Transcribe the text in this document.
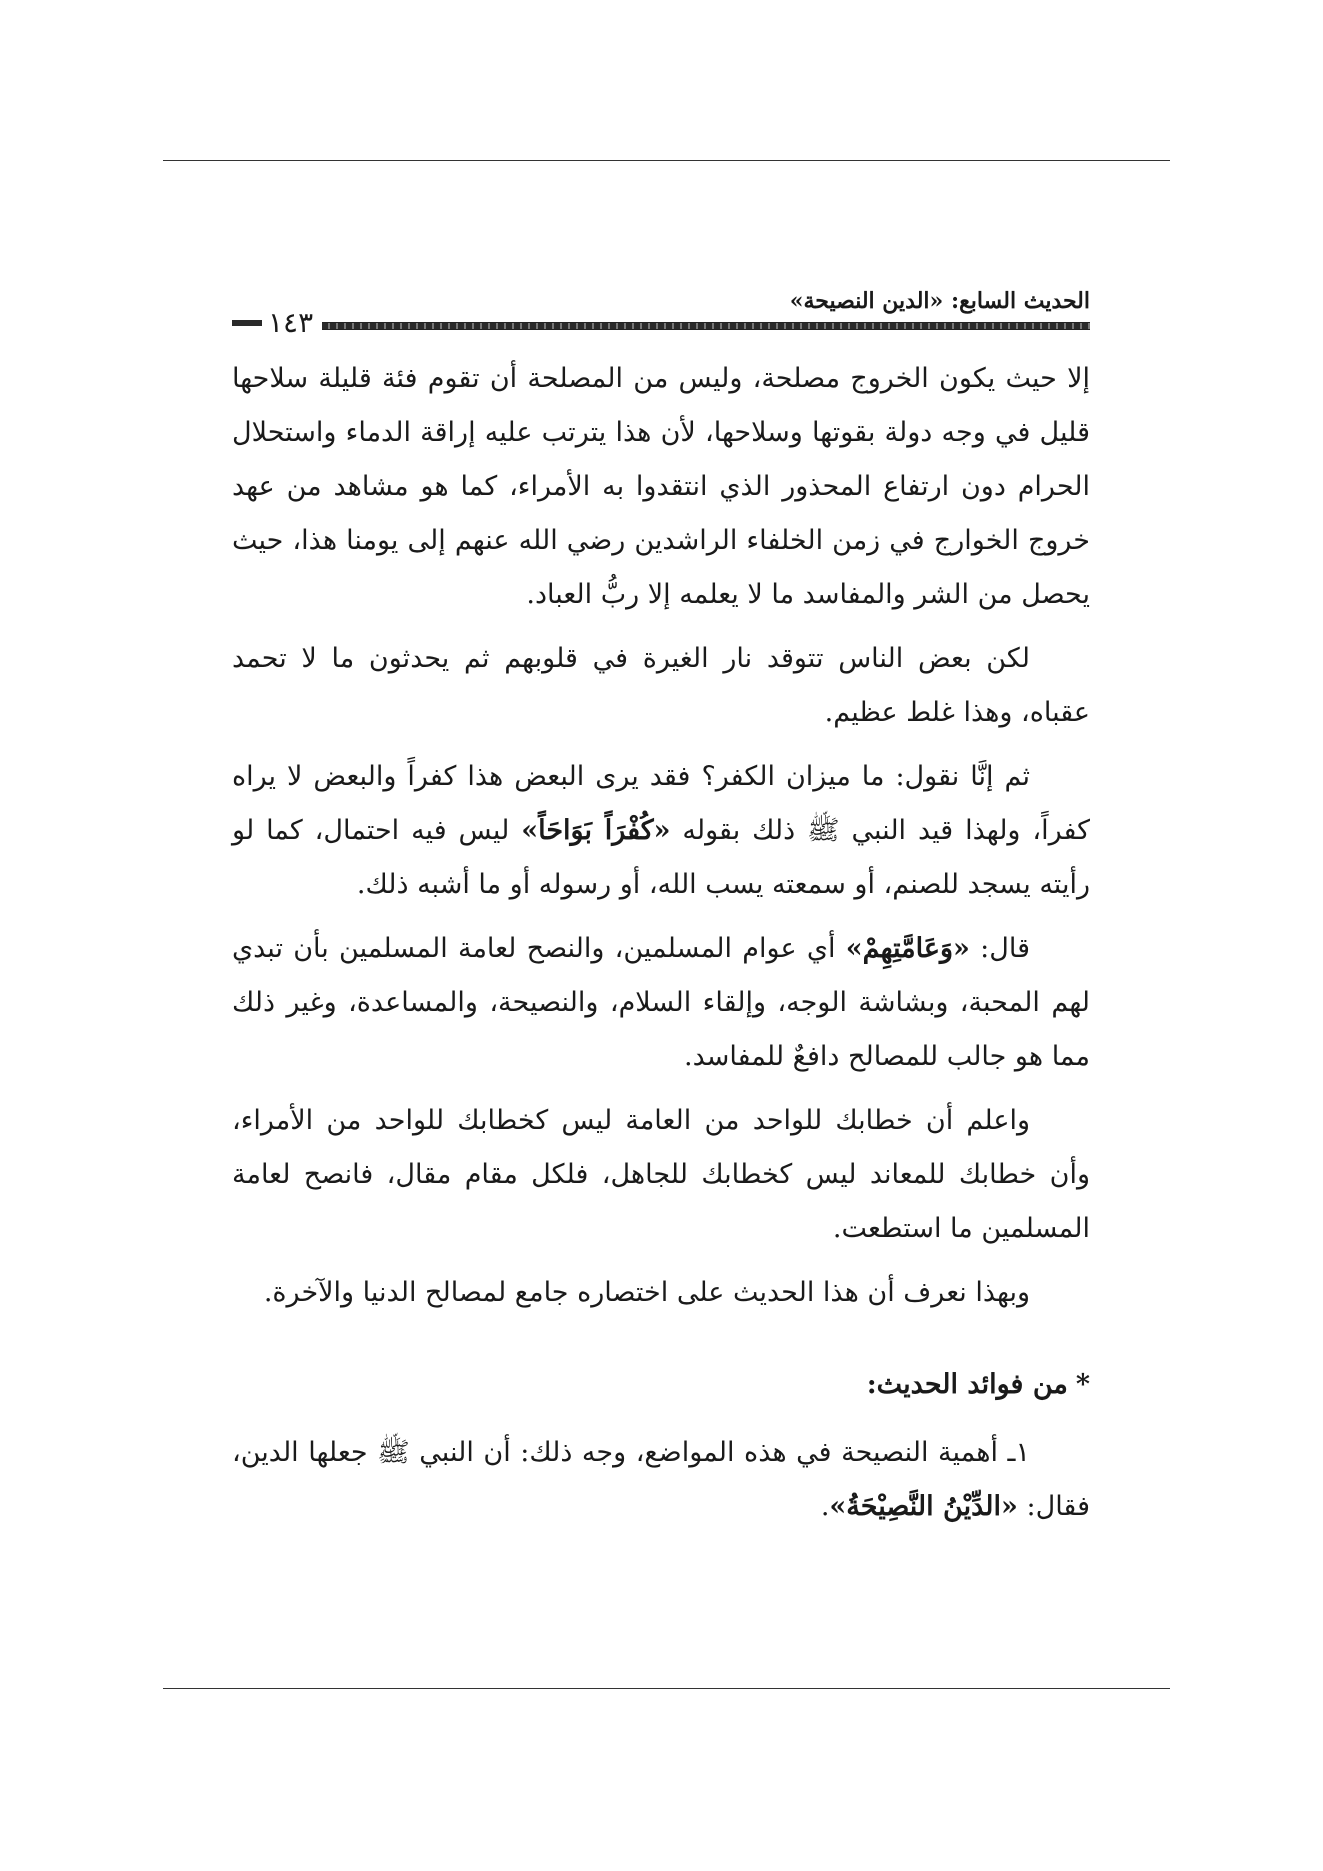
الحديث السابع: «الدين النصيحة»
١٤٣

إلا حيث يكون الخروج مصلحة، وليس من المصلحة أن تقوم فئة قليلة سلاحها قليل في وجه دولة بقوتها وسلاحها، لأن هذا يترتب عليه إراقة الدماء واستحلال الحرام دون ارتفاع المحذور الذي انتقدوا به الأمراء، كما هو مشاهد من عهد خروج الخوارج في زمن الخلفاء الراشدين رضي الله عنهم إلى يومنا هذا، حيث يحصل من الشر والمفاسد ما لا يعلمه إلا ربُّ العباد.

لكن بعض الناس تتوقد نار الغيرة في قلوبهم ثم يحدثون ما لا تحمد عقباه، وهذا غلط عظيم.

ثم إنَّا نقول: ما ميزان الكفر؟ فقد يرى البعض هذا كفراً والبعض لا يراه كفراً، ولهذا قيد النبي ﷺ ذلك بقوله «كُفْرَاً بَوَاحَاً» ليس فيه احتمال، كما لو رأيته يسجد للصنم، أو سمعته يسب الله، أو رسوله أو ما أشبه ذلك.

قال: «وَعَامَّتِهِمْ» أي عوام المسلمين، والنصح لعامة المسلمين بأن تبدي لهم المحبة، وبشاشة الوجه، وإلقاء السلام، والنصيحة، والمساعدة، وغير ذلك مما هو جالب للمصالح دافعٌ للمفاسد.

واعلم أن خطابك للواحد من العامة ليس كخطابك للواحد من الأمراء، وأن خطابك للمعاند ليس كخطابك للجاهل، فلكل مقام مقال، فانصح لعامة المسلمين ما استطعت.

وبهذا نعرف أن هذا الحديث على اختصاره جامع لمصالح الدنيا والآخرة.

*من فوائد الحديث:

١ـ أهمية النصيحة في هذه المواضع، وجه ذلك: أن النبي ﷺ جعلها الدين، فقال: «الدِّيْنُ النَّصِيْحَةُ».
